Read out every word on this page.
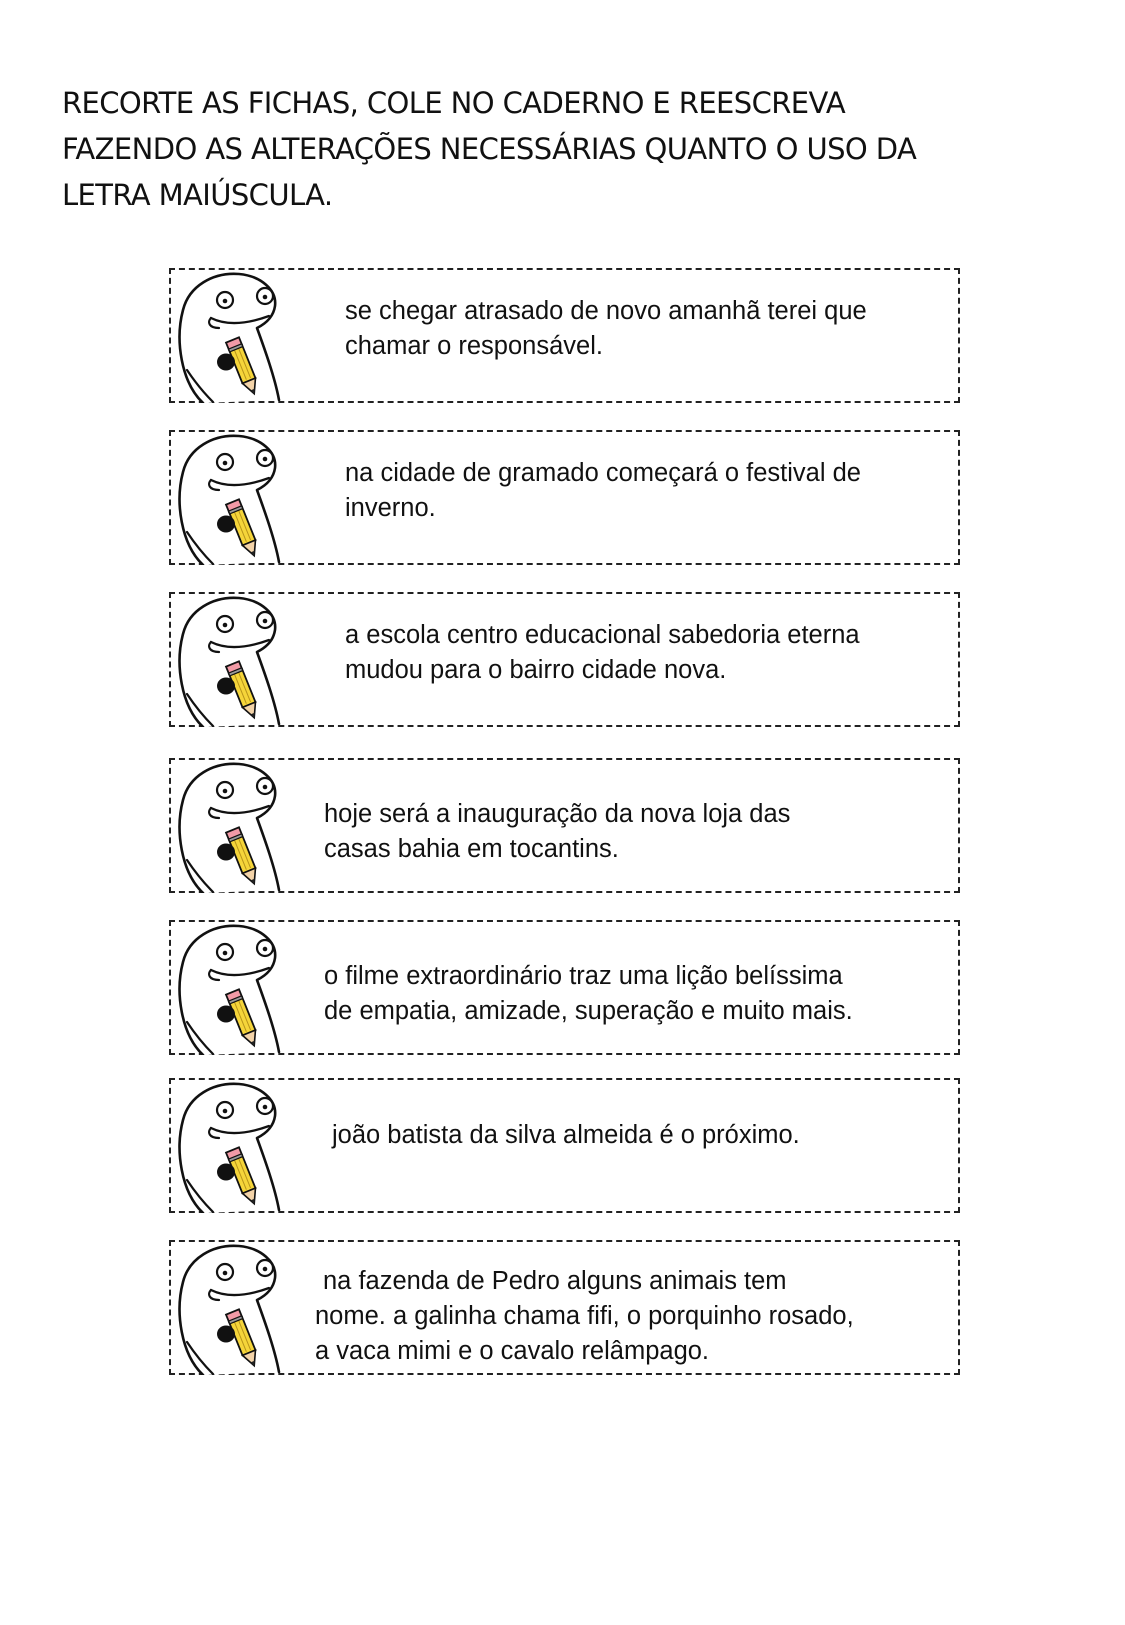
RECORTE AS FICHAS, COLE NO CADERNO E REESCREVA
FAZENDO AS ALTERAÇÕES NECESSÁRIAS QUANTO O USO DA
LETRA MAIÚSCULA.
se chegar atrasado de novo amanhã terei que
chamar o responsável.
na cidade de gramado começará o festival de
inverno.
a escola centro educacional sabedoria eterna
mudou para o bairro cidade nova.
hoje será a inauguração da nova loja das
casas bahia em tocantins.
o filme extraordinário traz uma lição belíssima
de empatia, amizade, superação e muito mais.
joão batista da silva almeida é o próximo.
na fazenda de Pedro alguns animais tem
nome. a galinha chama fifi, o porquinho rosado,
a vaca mimi e o cavalo relâmpago.
